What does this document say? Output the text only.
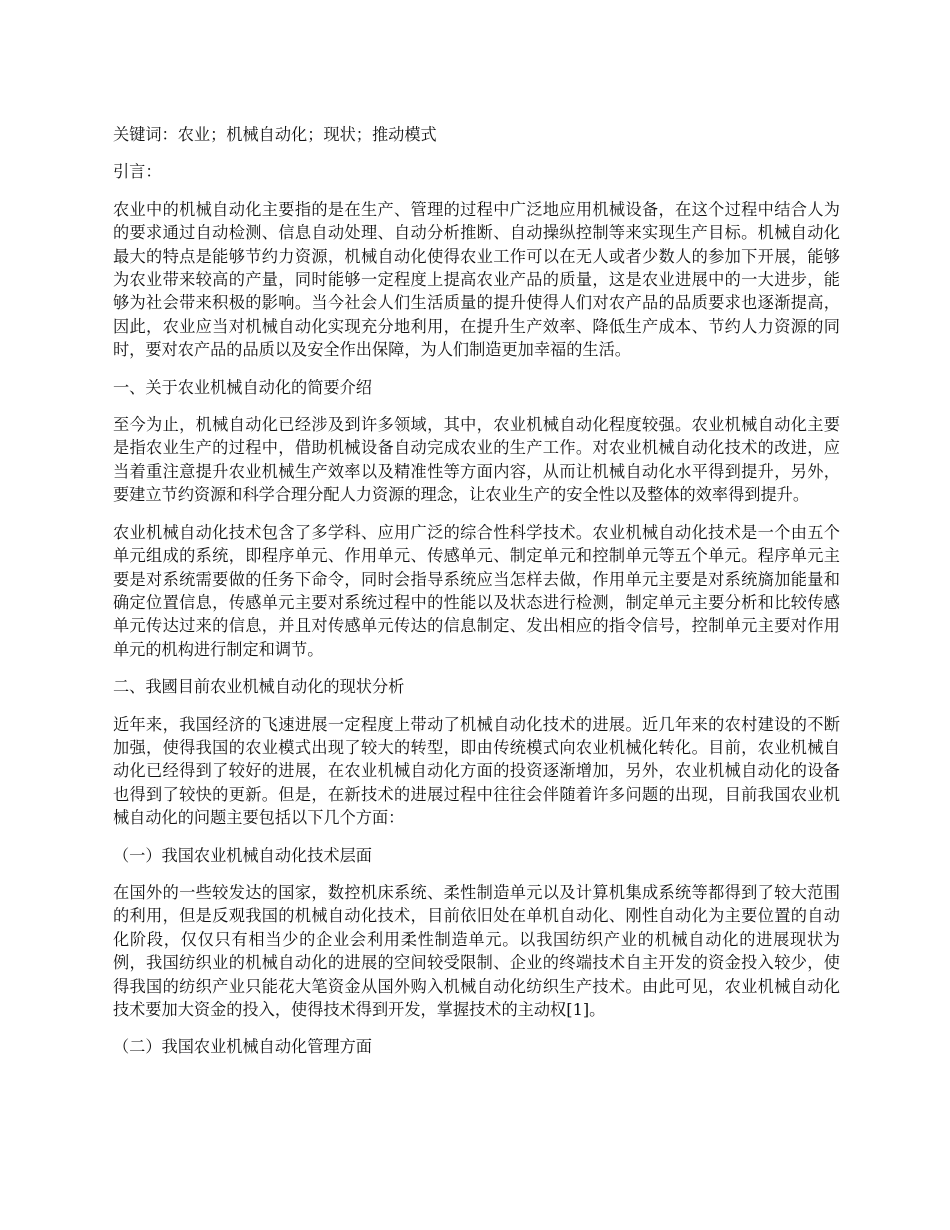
关键词：农业；机械自动化；现状；推动模式

引言：

农业中的机械自动化主要指的是在生产、管理的过程中广泛地应用机械设备，在这个过程中结合人为的要求通过自动检测、信息自动处理、自动分析推断、自动操纵控制等来实现生产目标。机械自动化最大的特点是能够节约力资源，机械自动化使得农业工作可以在无人或者少数人的参加下开展，能够为农业带来较高的产量，同时能够一定程度上提高农业产品的质量，这是农业进展中的一大进步，能够为社会带来积极的影响。当今社会人们生活质量的提升使得人们对农产品的品质要求也逐渐提高，因此，农业应当对机械自动化实现充分地利用，在提升生产效率、降低生产成本、节约人力资源的同时，要对农产品的品质以及安全作出保障，为人们制造更加幸福的生活。

一、关于农业机械自动化的简要介绍

至今为止，机械自动化已经涉及到许多领域，其中，农业机械自动化程度较强。农业机械自动化主要是指农业生产的过程中，借助机械设备自动完成农业的生产工作。对农业机械自动化技术的改进，应当着重注意提升农业机械生产效率以及精准性等方面内容，从而让机械自动化水平得到提升，另外，要建立节约资源和科学合理分配人力资源的理念，让农业生产的安全性以及整体的效率得到提升。

农业机械自动化技术包含了多学科、应用广泛的综合性科学技术。农业机械自动化技术是一个由五个单元组成的系统，即程序单元、作用单元、传感单元、制定单元和控制单元等五个单元。程序单元主要是对系统需要做的任务下命令，同时会指导系统应当怎样去做，作用单元主要是对系统旖加能量和确定位置信息，传感单元主要对系统过程中的性能以及状态进行检测，制定单元主要分析和比较传感单元传达过来的信息，并且对传感单元传达的信息制定、发出相应的指令信号，控制单元主要对作用单元的机构进行制定和调节。

二、我國目前农业机械自动化的现状分析

近年来，我国经济的飞速进展一定程度上带动了机械自动化技术的进展。近几年来的农村建设的不断加强，使得我国的农业模式出现了较大的转型，即由传统模式向农业机械化转化。目前，农业机械自动化已经得到了较好的进展，在农业机械自动化方面的投资逐渐增加，另外，农业机械自动化的设备也得到了较快的更新。但是，在新技术的进展过程中往往会伴随着许多问题的出现，目前我国农业机械自动化的问题主要包括以下几个方面：

（一）我国农业机械自动化技术层面

在国外的一些较发达的国家，数控机床系统、柔性制造单元以及计算机集成系统等都得到了较大范围的利用，但是反观我国的机械自动化技术，目前依旧处在单机自动化、刚性自动化为主要位置的自动化阶段，仅仅只有相当少的企业会利用柔性制造单元。以我国纺织产业的机械自动化的进展现状为例，我国纺织业的机械自动化的进展的空间较受限制、企业的终端技术自主开发的资金投入较少，使得我国的纺织产业只能花大笔资金从国外购入机械自动化纺织生产技术。由此可见，农业机械自动化技术要加大资金的投入，使得技术得到开发，掌握技术的主动权[1]。

（二）我国农业机械自动化管理方面
